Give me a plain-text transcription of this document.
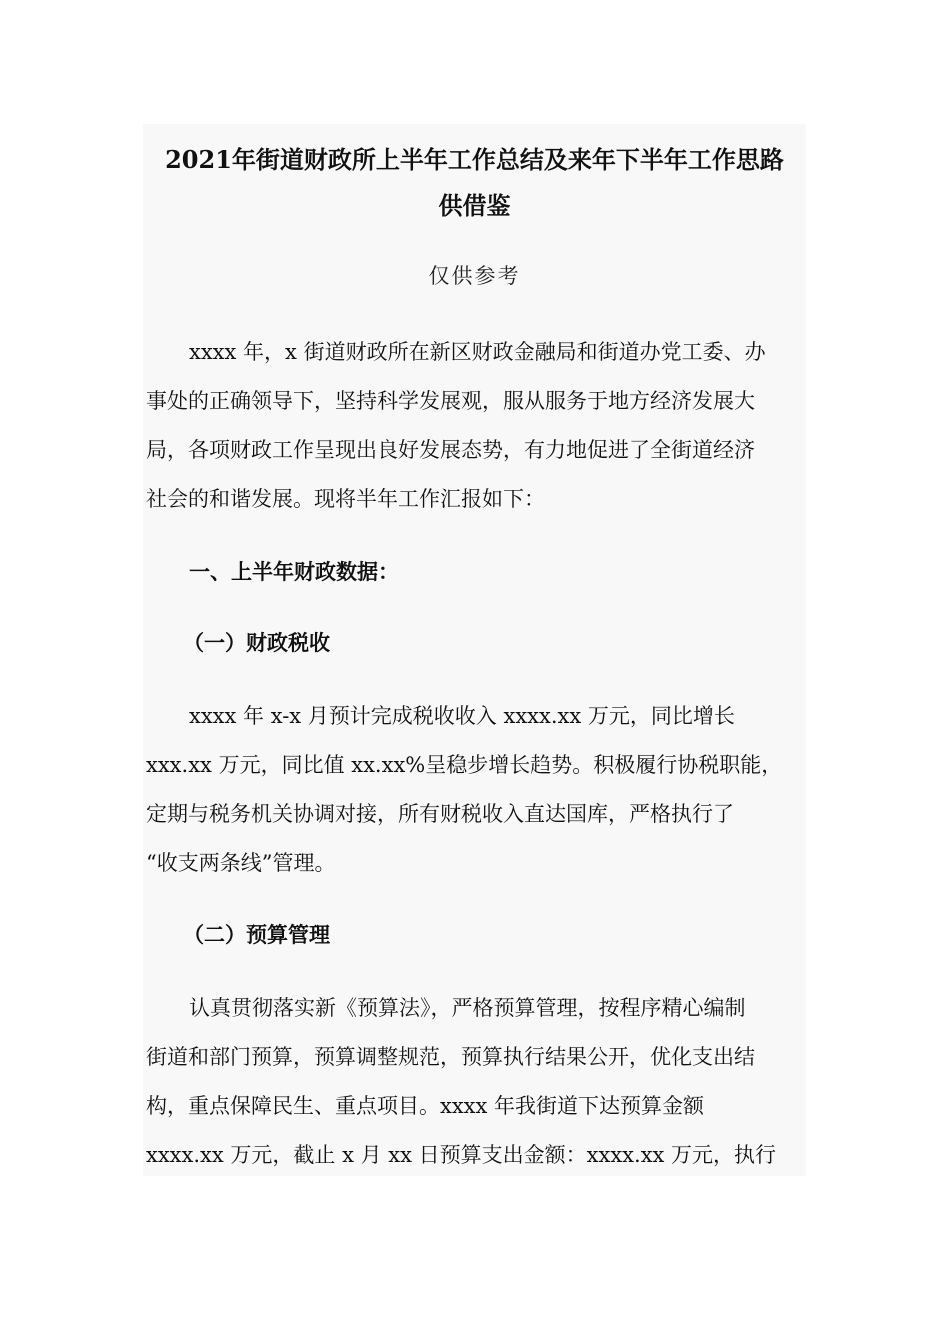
2021年街道财政所上半年工作总结及来年下半年工作思路
供借鉴
仅供参考
xxxx 年，x 街道财政所在新区财政金融局和街道办党工委、办
事处的正确领导下，坚持科学发展观，服从服务于地方经济发展大
局，各项财政工作呈现出良好发展态势，有力地促进了全街道经济
社会的和谐发展。现将半年工作汇报如下：
一、上半年财政数据：
（一）财政税收
xxxx 年 x-x 月预计完成税收收入 xxxx.xx 万元，同比增长
xxx.xx 万元，同比值 xx.xx%呈稳步增长趋势。积极履行协税职能，
定期与税务机关协调对接，所有财税收入直达国库，严格执行了
“收支两条线”管理。
（二）预算管理
认真贯彻落实新《预算法》，严格预算管理，按程序精心编制
街道和部门预算，预算调整规范，预算执行结果公开，优化支出结
构，重点保障民生、重点项目。xxxx 年我街道下达预算金额
xxxx.xx 万元，截止 x 月 xx 日预算支出金额：xxxx.xx 万元，执行
